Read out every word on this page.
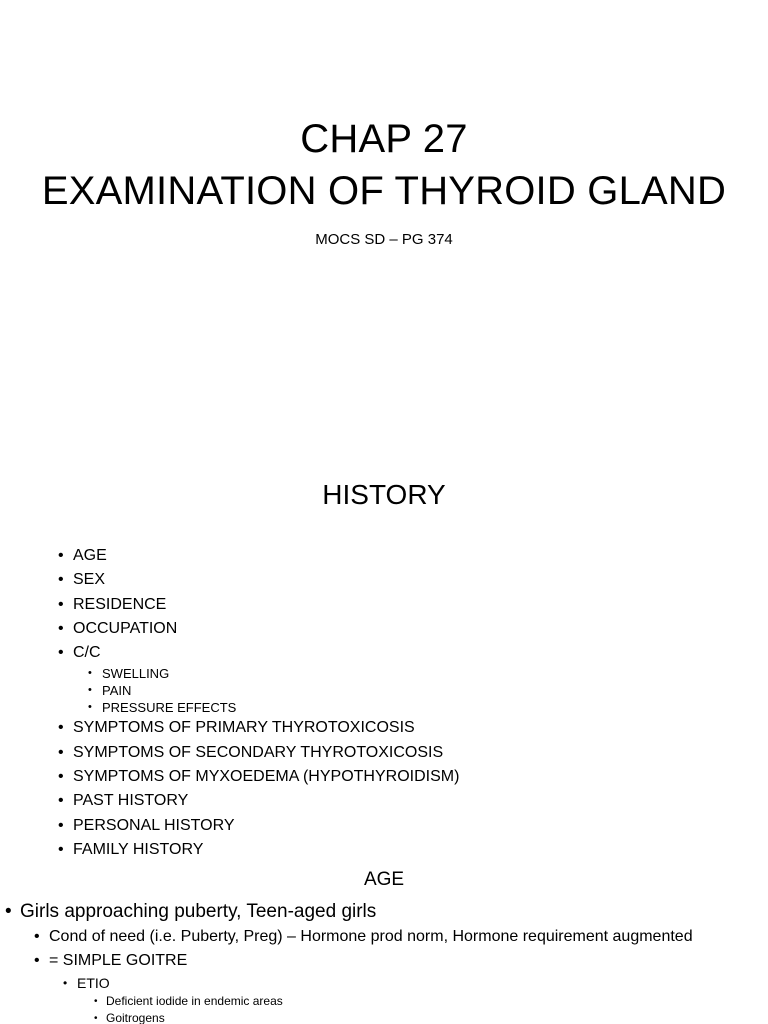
CHAP 27
EXAMINATION OF THYROID GLAND
MOCS SD – PG 374
HISTORY
• AGE
• SEX
• RESIDENCE
• OCCUPATION
• C/C
• SWELLING
• PAIN
• PRESSURE EFFECTS
• SYMPTOMS OF PRIMARY THYROTOXICOSIS
• SYMPTOMS OF SECONDARY THYROTOXICOSIS
• SYMPTOMS OF MYXOEDEMA (HYPOTHYROIDISM)
• PAST HISTORY
• PERSONAL HISTORY
• FAMILY HISTORY
AGE
• Girls approaching puberty, Teen-aged girls
• Cond of need (i.e. Puberty, Preg) – Hormone prod norm, Hormone requirement augmented
• = SIMPLE GOITRE
• ETIO
• Deficient iodide in endemic areas
• Goitrogens
